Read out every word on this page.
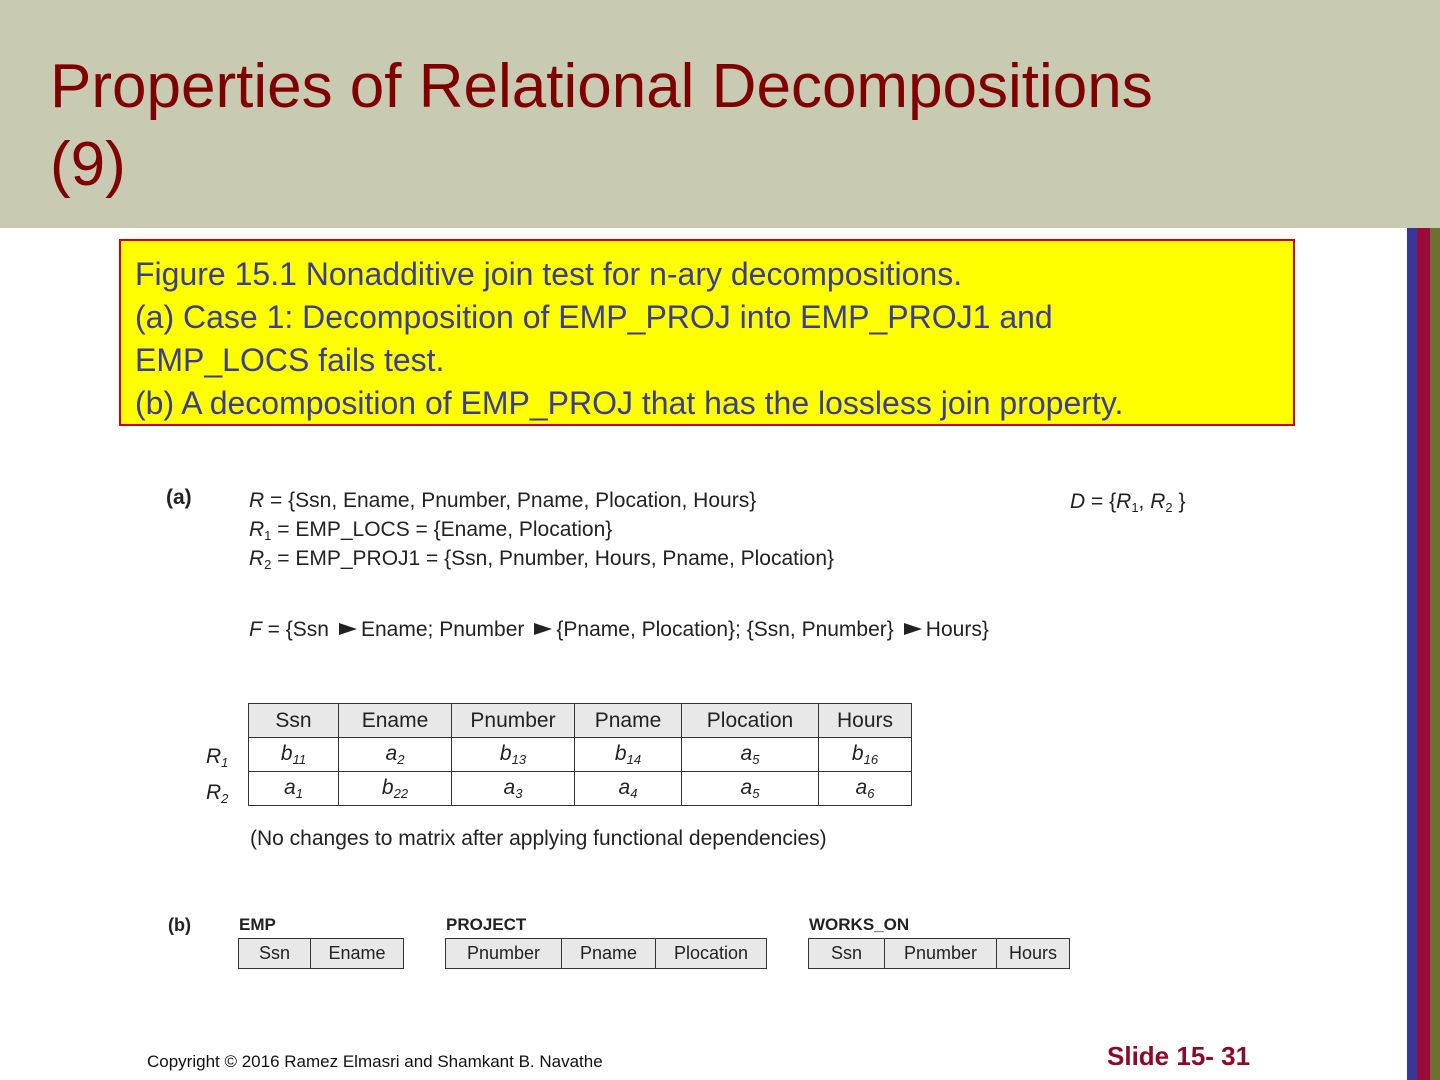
Properties of Relational Decompositions
(9)
Figure 15.1 Nonadditive join test for n-ary decompositions.
(a) Case 1: Decomposition of EMP_PROJ into EMP_PROJ1 and
EMP_LOCS fails test.
(b) A decomposition of EMP_PROJ that has the lossless join property.
(a)	R = {Ssn, Ename, Pnumber, Pname, Plocation, Hours}
$R_1$ = EMP_LOCS = {Ename, Plocation}
$R_2$ = EMP_PROJ1 = {Ssn, Pnumber, Hours, Pname, Plocation}
$D = \{R_1$, $R_2$ }
F = {Ssn Ename; Pnumber {Pname, Plocation}; {Ssn, Pnumber} Hours}
$R_1$
$R_2$
Ssn	Ename	Pnumber	Pname	Plocation	Hours
$b_{11}$	$a_2$	$b_{13}$	$b_{14}$	$a_5$	$b_{16}$
$a_1$	$b_{22}$	$a_3$	$a_4$	$a_5$	$a_6$
(No changes to matrix after applying functional dependencies)
(b)	EMP
Ssn	Ename
PROJECT
Pnumber	Pname	Plocation
WORKS_ON
Ssn	Pnumber	Hours
Copyright © 2016 Ramez Elmasri and Shamkant B. Navathe	Slide 15- 31
